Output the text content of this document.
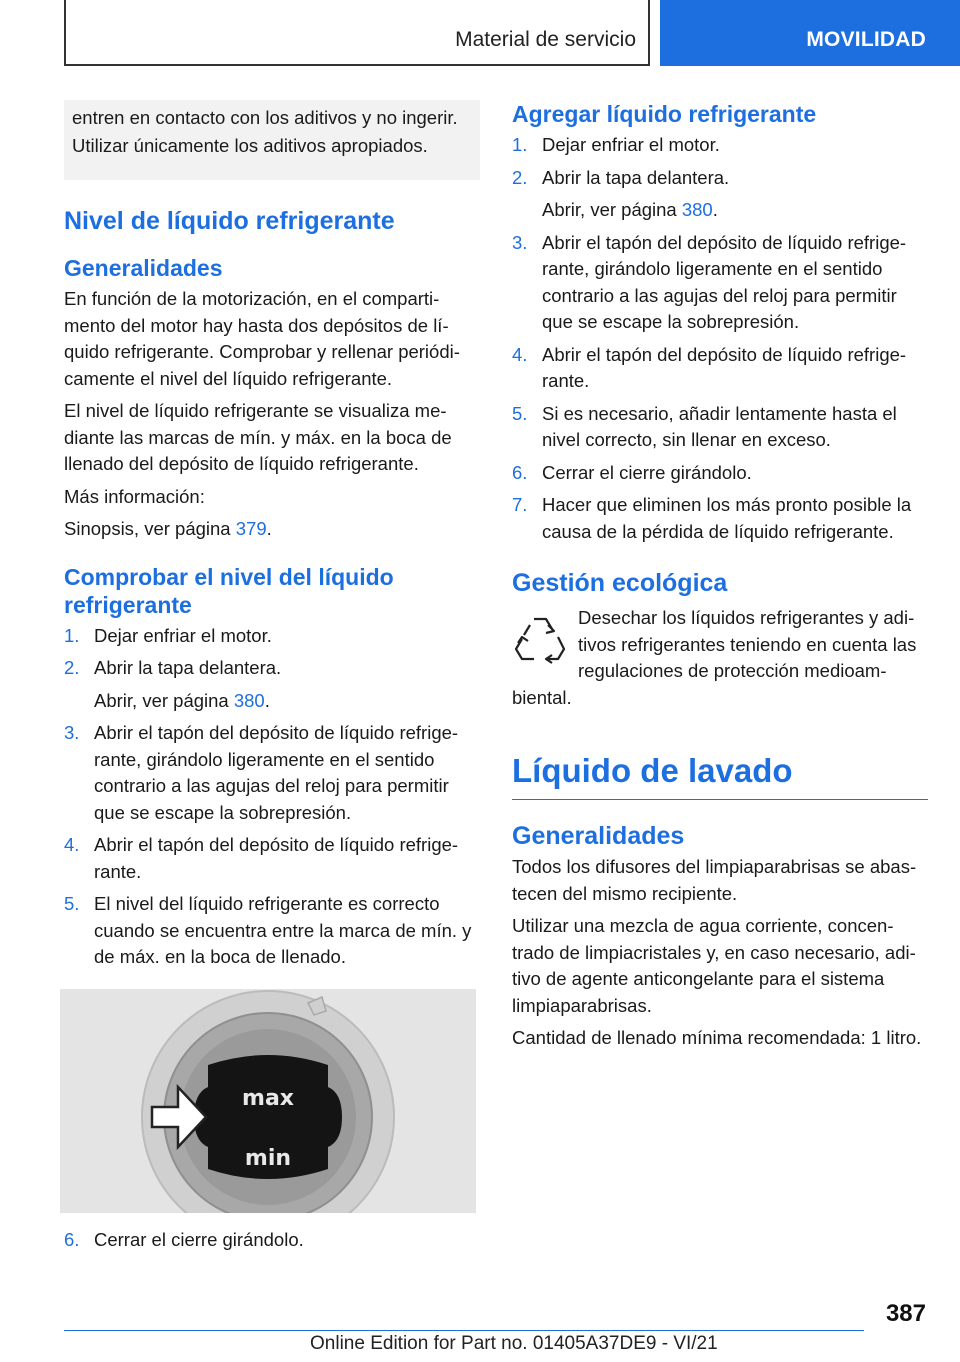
Material de servicio	MOVILIDAD
entren en contacto con los aditivos y no ingerir. Utilizar únicamente los aditivos apropiados.
Nivel de líquido refrigerante
Generalidades

En función de la motorización, en el compartimento del motor hay hasta dos depósitos de líquido refrigerante. Comprobar y rellenar periódicamente el nivel del líquido refrigerante.

El nivel de líquido refrigerante se visualiza mediante las marcas de mín. y máx. en la boca de llenado del depósito de líquido refrigerante.

Más información:

Sinopsis, ver página 379.

Comprobar el nivel del líquido refrigerante
1. Dejar enfriar el motor.
2. Abrir la tapa delantera.
Abrir, ver página 380.
3. Abrir el tapón del depósito de líquido refrigerante, girándolo ligeramente en el sentido contrario a las agujas del reloj para permitir que se escape la sobrepresión.
4. Abrir el tapón del depósito de líquido refrigerante.
5. El nivel del líquido refrigerante es correcto cuando se encuentra entre la marca de mín. y de máx. en la boca de llenado.
max
min
6. Cerrar el cierre girándolo.
Agregar líquido refrigerante
1. Dejar enfriar el motor.
2. Abrir la tapa delantera.
Abrir, ver página 380.
3. Abrir el tapón del depósito de líquido refrigerante, girándolo ligeramente en el sentido contrario a las agujas del reloj para permitir que se escape la sobrepresión.
4. Abrir el tapón del depósito de líquido refrigerante.
5. Si es necesario, añadir lentamente hasta el nivel correcto, sin llenar en exceso.
6. Cerrar el cierre girándolo.
7. Hacer que eliminen los más pronto posible la causa de la pérdida de líquido refrigerante.
Gestión ecológica
Desechar los líquidos refrigerantes y aditivos refrigerantes teniendo en cuenta las regulaciones de protección medioambiental.
Líquido de lavado
Generalidades

Todos los difusores del limpiaparabrisas se abastecen del mismo recipiente.

Utilizar una mezcla de agua corriente, concentrado de limpiacristales y, en caso necesario, aditivo de agente anticongelante para el sistema limpiaparabrisas.

Cantidad de llenado mínima recomendada: 1 litro.

387
Online Edition for Part no. 01405A37DE9 - VI/21
